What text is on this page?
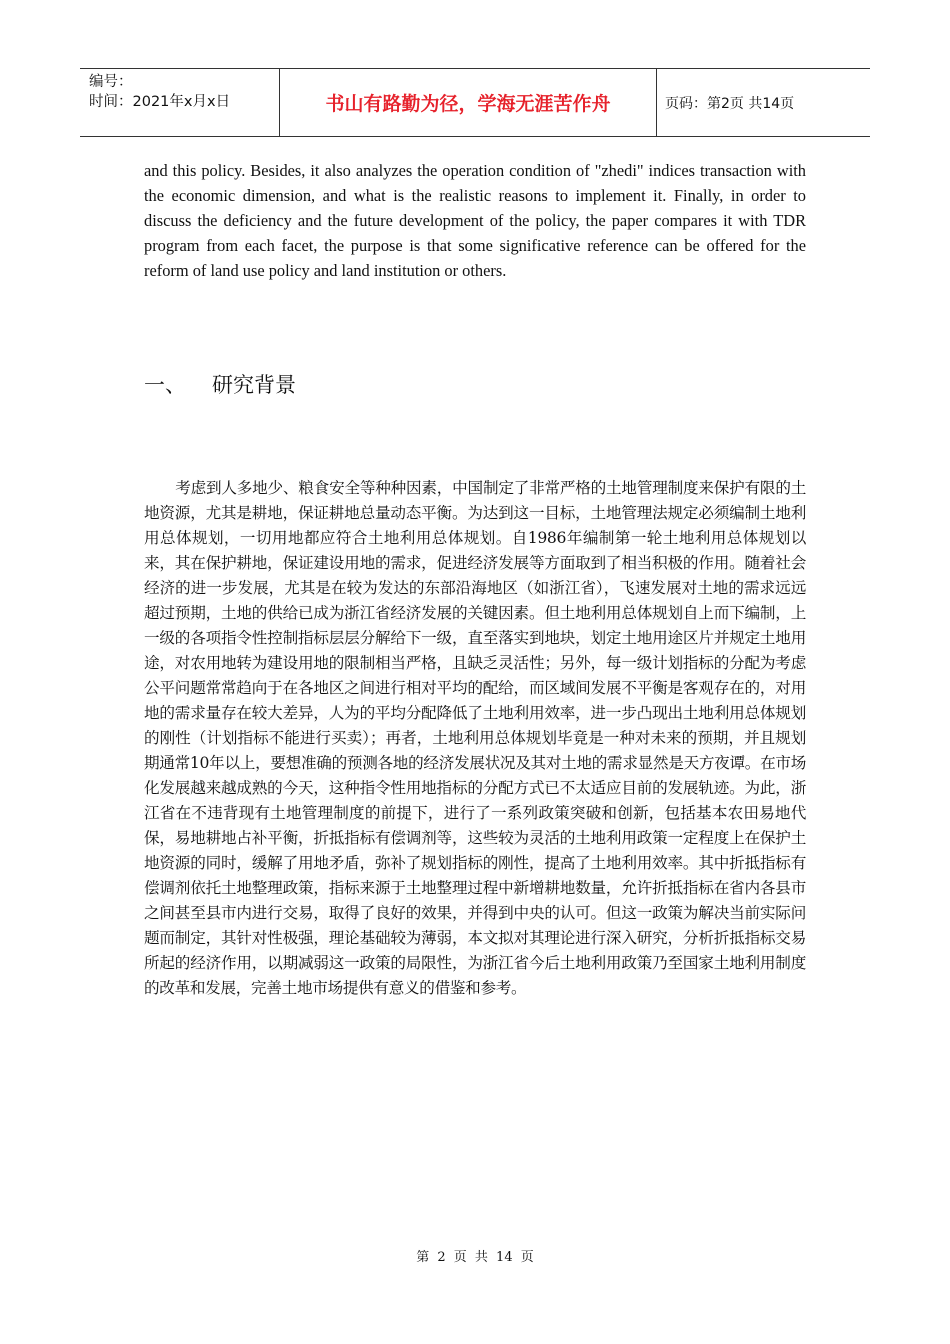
编号：
时间：2021年x月x日	书山有路勤为径，学海无涯苦作舟	页码：第2页 共14页

and this policy. Besides, it also analyzes the operation condition of "zhedi" indices transaction with the economic dimension, and what is the realistic reasons to implement it. Finally, in order to discuss the deficiency and the future development of the policy, the paper compares it with TDR program from each facet, the purpose is that some significative reference can be offered for the reform of land use policy and land institution or others.

一、 研究背景

考虑到人多地少、粮食安全等种种因素，中国制定了非常严格的土地管理制度来保护有限的土地资源，尤其是耕地，保证耕地总量动态平衡。为达到这一目标，土地管理法规定必须编制土地利用总体规划，一切用地都应符合土地利用总体规划。自1986年编制第一轮土地利用总体规划以来，其在保护耕地，保证建设用地的需求，促进经济发展等方面取到了相当积极的作用。随着社会经济的进一步发展，尤其是在较为发达的东部沿海地区（如浙江省），飞速发展对土地的需求远远超过预期，土地的供给已成为浙江省经济发展的关键因素。但土地利用总体规划自上而下编制，上一级的各项指令性控制指标层层分解给下一级，直至落实到地块，划定土地用途区片并规定土地用途，对农用地转为建设用地的限制相当严格，且缺乏灵活性；另外，每一级计划指标的分配为考虑公平问题常常趋向于在各地区之间进行相对平均的配给，而区域间发展不平衡是客观存在的，对用地的需求量存在较大差异，人为的平均分配降低了土地利用效率，进一步凸现出土地利用总体规划的刚性（计划指标不能进行买卖）；再者，土地利用总体规划毕竟是一种对未来的预期，并且规划期通常10年以上，要想准确的预测各地的经济发展状况及其对土地的需求显然是天方夜谭。在市场化发展越来越成熟的今天，这种指令性用地指标的分配方式已不太适应目前的发展轨迹。为此，浙江省在不违背现有土地管理制度的前提下，进行了一系列政策突破和创新，包括基本农田易地代保，易地耕地占补平衡，折抵指标有偿调剂等，这些较为灵活的土地利用政策一定程度上在保护土地资源的同时，缓解了用地矛盾，弥补了规划指标的刚性，提高了土地利用效率。其中折抵指标有偿调剂依托土地整理政策，指标来源于土地整理过程中新增耕地数量，允许折抵指标在省内各县市之间甚至县市内进行交易，取得了良好的效果，并得到中央的认可。但这一政策为解决当前实际问题而制定，其针对性极强，理论基础较为薄弱，本文拟对其理论进行深入研究，分析折抵指标交易所起的经济作用，以期减弱这一政策的局限性，为浙江省今后土地利用政策乃至国家土地利用制度的改革和发展，完善土地市场提供有意义的借鉴和参考。

第 2 页 共 14 页
